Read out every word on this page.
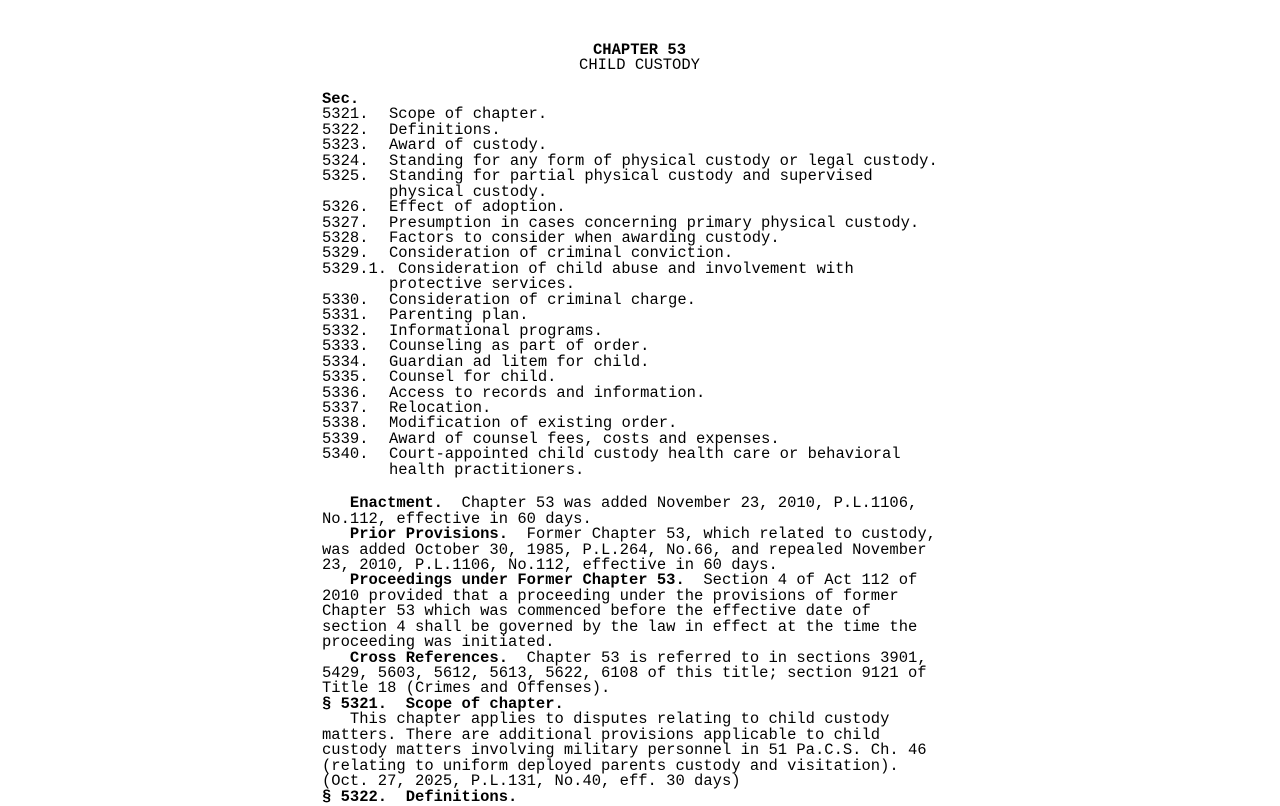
CHAPTER 53
CHILD CUSTODY
Sec.
5321.	Scope of chapter.
5322.	Definitions.
5323.	Award of custody.
5324.	Standing for any form of physical custody or legal custody.
5325.	Standing for partial physical custody and supervised
physical custody.
5326.	Effect of adoption.
5327.	Presumption in cases concerning primary physical custody.
5328.	Factors to consider when awarding custody.
5329.	Consideration of criminal conviction.
5329.1. Consideration of child abuse and involvement with
protective services.
5330.	Consideration of criminal charge.
5331.	Parenting plan.
5332.	Informational programs.
5333.	Counseling as part of order.
5334.	Guardian ad litem for child.
5335.	Counsel for child.
5336.	Access to records and information.
5337.	Relocation.
5338.	Modification of existing order.
5339.	Award of counsel fees, costs and expenses.
5340.	Court-appointed child custody health care or behavioral
health practitioners.
Enactment.  Chapter 53 was added November 23, 2010, P.L.1106,
No.112, effective in 60 days.
Prior Provisions.  Former Chapter 53, which related to custody,
was added October 30, 1985, P.L.264, No.66, and repealed November
23, 2010, P.L.1106, No.112, effective in 60 days.
Proceedings under Former Chapter 53.  Section 4 of Act 112 of
2010 provided that a proceeding under the provisions of former
Chapter 53 which was commenced before the effective date of
section 4 shall be governed by the law in effect at the time the
proceeding was initiated.
Cross References.  Chapter 53 is referred to in sections 3901,
5429, 5603, 5612, 5613, 5622, 6108 of this title; section 9121 of
Title 18 (Crimes and Offenses).
§ 5321.  Scope of chapter.
This chapter applies to disputes relating to child custody
matters. There are additional provisions applicable to child
custody matters involving military personnel in 51 Pa.C.S. Ch. 46
(relating to uniform deployed parents custody and visitation).
(Oct. 27, 2025, P.L.131, No.40, eff. 30 days)
§ 5322.  Definitions.
